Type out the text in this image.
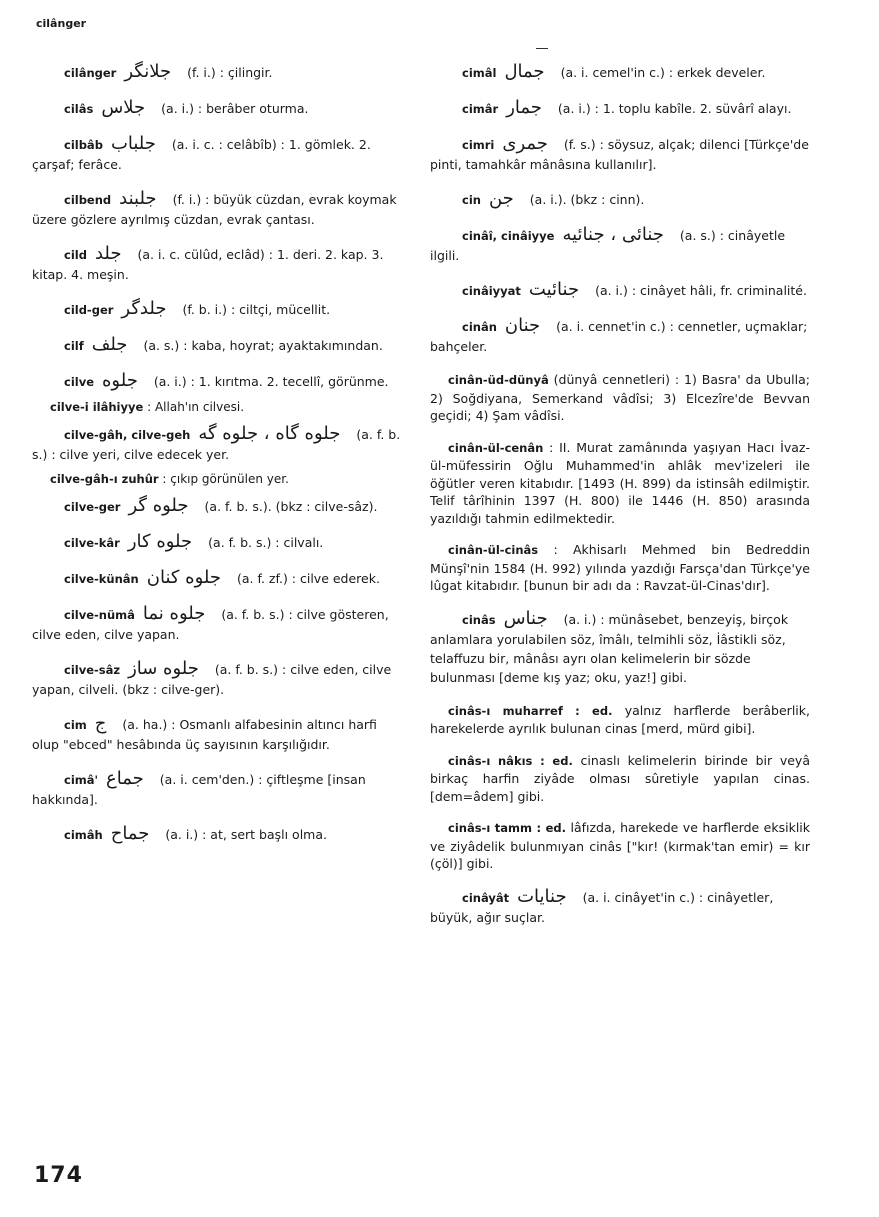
cilânger
cilânger جلانگر (f. i.) : çilingir.
cilâs جلاس (a. i.) : berâber oturma.
cilbâb جلباب (a. i. c. : celâbîb) : 1. gömlek. 2. çarşaf; ferâce.
cilbend جلبند (f. i.) : büyük cüzdan, evrak koymak üzere gözlere ayrılmış cüzdan, evrak çantası.
cild جلد (a. i. c. cülûd, eclâd) : 1. deri. 2. kap. 3. kitap. 4. meşin.
cild-ger جلدگر (f. b. i.) : ciltçi, mücellit.
cilf جلف (a. s.) : kaba, hoyrat; ayaktakımından.
cilve جلوه (a. i.) : 1. kırıtma. 2. tecellî, görünme.
cilve-i ilâhiyye : Allah'ın cilvesi.
cilve-gâh, cilve-geh جلوه گاه ، جلوه گه (a. f. b. s.) : cilve yeri, cilve edecek yer.
cilve-gâh-ı zuhûr : çıkıp görünülen yer.
cilve-ger جلوه گر (a. f. b. s.). (bkz : cilve-sâz).
cilve-kâr جلوه کار (a. f. b. s.) : cilvalı.
cilve-künân جلوه کنان (a. f. zf.) : cilve ederek.
cilve-nümâ جلوه نما (a. f. b. s.) : cilve gösteren, cilve eden, cilve yapan.
cilve-sâz جلوه ساز (a. f. b. s.) : cilve eden, cilve yapan, cilveli. (bkz : cilve-ger).
cim ج (a. ha.) : Osmanlı alfabesinin altıncı harfi olup "ebced" hesâbında üç sayısının karşılığıdır.
cimâ' جماع (a. i. cem'den.) : çiftleşme [insan hakkında].
cimâh جماح (a. i.) : at, sert başlı olma.
cimâl جمال (a. i. cemel'in c.) : erkek develer.
cimâr جمار (a. i.) : 1. toplu kabîle. 2. süvârî alayı.
cimri جمری (f. s.) : söysuz, alçak; dilenci [Türkçe'de pinti, tamahkâr mânâsına kullanılır].
cin جن (a. i.). (bkz : cinn).
cinâî, cinâiyye جنائی ، جنائیه (a. s.) : cinâyetle ilgili.
cinâiyyat جنائیت (a. i.) : cinâyet hâli, fr. criminalité.
cinân جنان (a. i. cennet'in c.) : cennetler, uçmaklar; bahçeler.
cinân-üd-dünyâ (dünyâ cennetleri) : 1) Basra' da Ubulla; 2) Soğdiyana, Semerkand vâdîsi; 3) Elcezîre'de Bevvan geçidi; 4) Şam vâdîsi.
cinân-ül-cenân : II. Murat zamânında yaşıyan Hacı İvaz-ül-müfessirin Oğlu Muhammed'in ahlâk mev'izeleri ile öğütler veren kitabıdır. [1493 (H. 899) da istinsâh edilmiştir. Telif târîhinin 1397 (H. 800) ile 1446 (H. 850) arasında yazıldığı tahmin edilmektedir.
cinân-ül-cinâs : Akhisarlı Mehmed bin Bedreddin Münşî'nin 1584 (H. 992) yılında yazdığı Farsça'dan Türkçe'ye lûgat kitabıdır. [bunun bir adı da : Ravzat-ül-Cinas'dır].
cinâs جناس (a. i.) : münâsebet, benzeyiş, birçok anlamlara yorulabilen söz, îmâlı, telmihli söz, İâstikli söz, telaffuzu bir, mânâsı ayrı olan kelimelerin bir sözde bulunması [deme kış yaz; oku, yaz!] gibi.
cinâs-ı muharref : ed. yalnız harflerde berâberlik, harekelerde ayrılık bulunan cinas [merd, mürd gibi].
cinâs-ı nâkıs : ed. cinaslı kelimelerin birinde bir veyâ birkaç harfin ziyâde olması sûretiyle yapılan cinas. [dem=âdem] gibi.
cinâs-ı tamm : ed. lâfızda, harekede ve harflerde eksiklik ve ziyâdelik bulunmıyan cinâs ["kır! (kırmak'tan emir) = kır (çöl)] gibi.
cinâyât جنایات (a. i. cinâyet'in c.) : cinâyetler, büyük, ağır suçlar.
174
